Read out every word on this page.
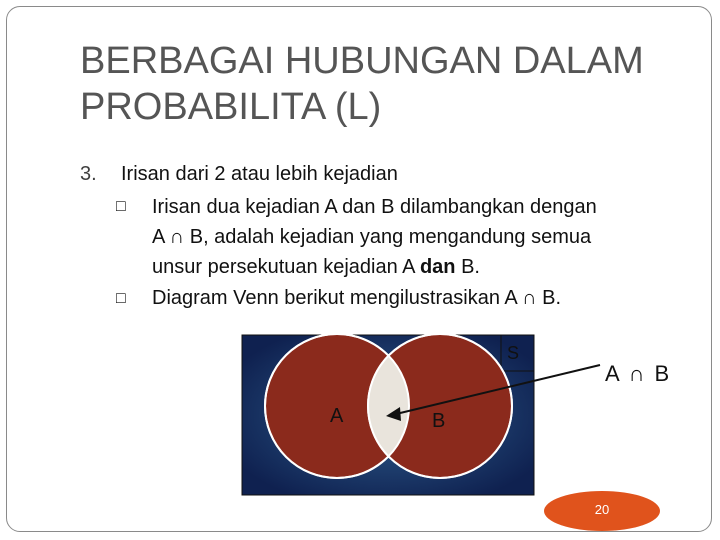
BERBAGAI HUBUNGAN DALAM
PROBABILITA (L)
3. Irisan dari 2 atau lebih kejadian
□ Irisan dua kejadian A dan B dilambangkan dengan
A ∩ B, adalah kejadian yang mengandung semua
unsur persekutuan kejadian A dan B.
□ Diagram Venn berikut mengilustrasikan A ∩ B.
S
A	B
A ∩ B
20
